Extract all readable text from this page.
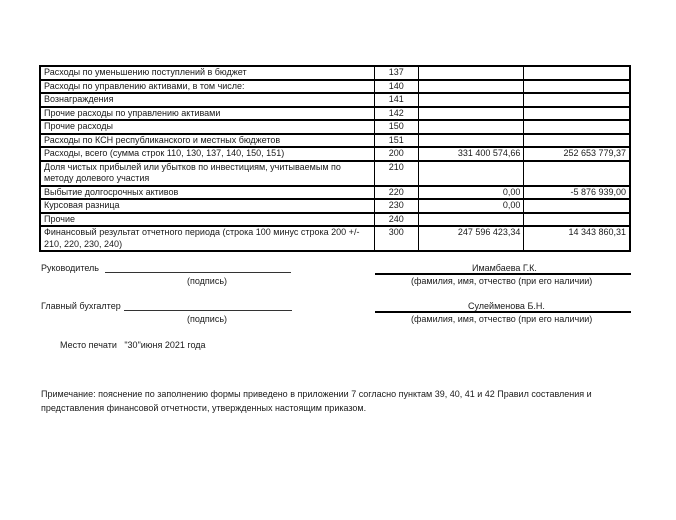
Расходы по уменьшению поступлений в бюджет	137		
Расходы по управлению активами, в том числе:	140		
Вознаграждения	141		
Прочие расходы по управлению активами	142		
Прочие расходы	150		
Расходы по КСН республиканского и местных бюджетов	151		
Расходы, всего (сумма строк 110, 130, 137, 140, 150, 151)	200	331 400 574,66	252 653 779,37
Доля чистых прибылей или убытков по инвестициям, учитываемым по методу долевого участия	210		
Выбытие долгосрочных активов	220	0,00	-5 876 939,00
Курсовая разница	230	0,00	
Прочие	240		
Финансовый результат отчетного периода (строка 100 минус строка 200 +/- 210, 220, 230, 240)	300	247 596 423,34	14 343 860,31
Руководитель
(подпись)
Имамбаева Г.К.
(фамилия, имя, отчество (при его наличии)
Главный бухгалтер
(подпись)
Сулейменова Б.Н.
(фамилия, имя, отчество (при его наличии)
Место печати   "30"июня 2021 года
Примечание: пояснение по заполнению формы приведено в приложении 7 согласно пунктам 39, 40, 41 и 42 Правил составления и
представления финансовой отчетности, утвержденных настоящим приказом.
